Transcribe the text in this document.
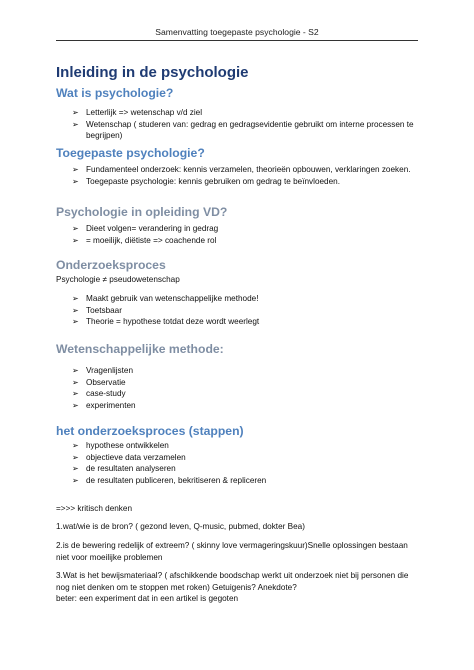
Samenvatting toegepaste psychologie - S2
Inleiding in de psychologie
Wat is psychologie?
➢ Letterlijk => wetenschap v/d ziel
➢ Wetenschap ( studeren van: gedrag en gedragsevidentie gebruikt om interne processen te begrijpen)
Toegepaste psychologie?
➢ Fundamenteel onderzoek: kennis verzamelen, theorieën opbouwen, verklaringen zoeken.
➢ Toegepaste psychologie: kennis gebruiken om gedrag te beïnvloeden.
Psychologie in opleiding VD?
➢ Dieet volgen= verandering in gedrag
➢ = moeilijk, diëtiste => coachende rol
Onderzoeksproces

Psychologie ≠ pseudowetenschap

➢ Maakt gebruik van wetenschappelijke methode!
➢ Toetsbaar
➢ Theorie = hypothese totdat deze wordt weerlegt
Wetenschappelijke methode:
➢ Vragenlijsten
➢ Observatie
➢ case-study
➢ experimenten
het onderzoeksproces (stappen)
➢ hypothese ontwikkelen
➢ objectieve data verzamelen
➢ de resultaten analyseren
➢ de resultaten publiceren, bekritiseren & repliceren

=>>> kritisch denken

1.wat/wie is de bron? ( gezond leven, Q-music, pubmed, dokter Bea)

2.is de bewering redelijk of extreem? ( skinny love vermageringskuur)Snelle oplossingen bestaan niet voor moeilijke problemen

3.Wat is het bewijsmateriaal? ( afschikkende boodschap werkt uit onderzoek niet bij personen die nog niet denken om te stoppen met roken) Getuigenis? Anekdote?

beter: een experiment dat in een artikel is gegoten
